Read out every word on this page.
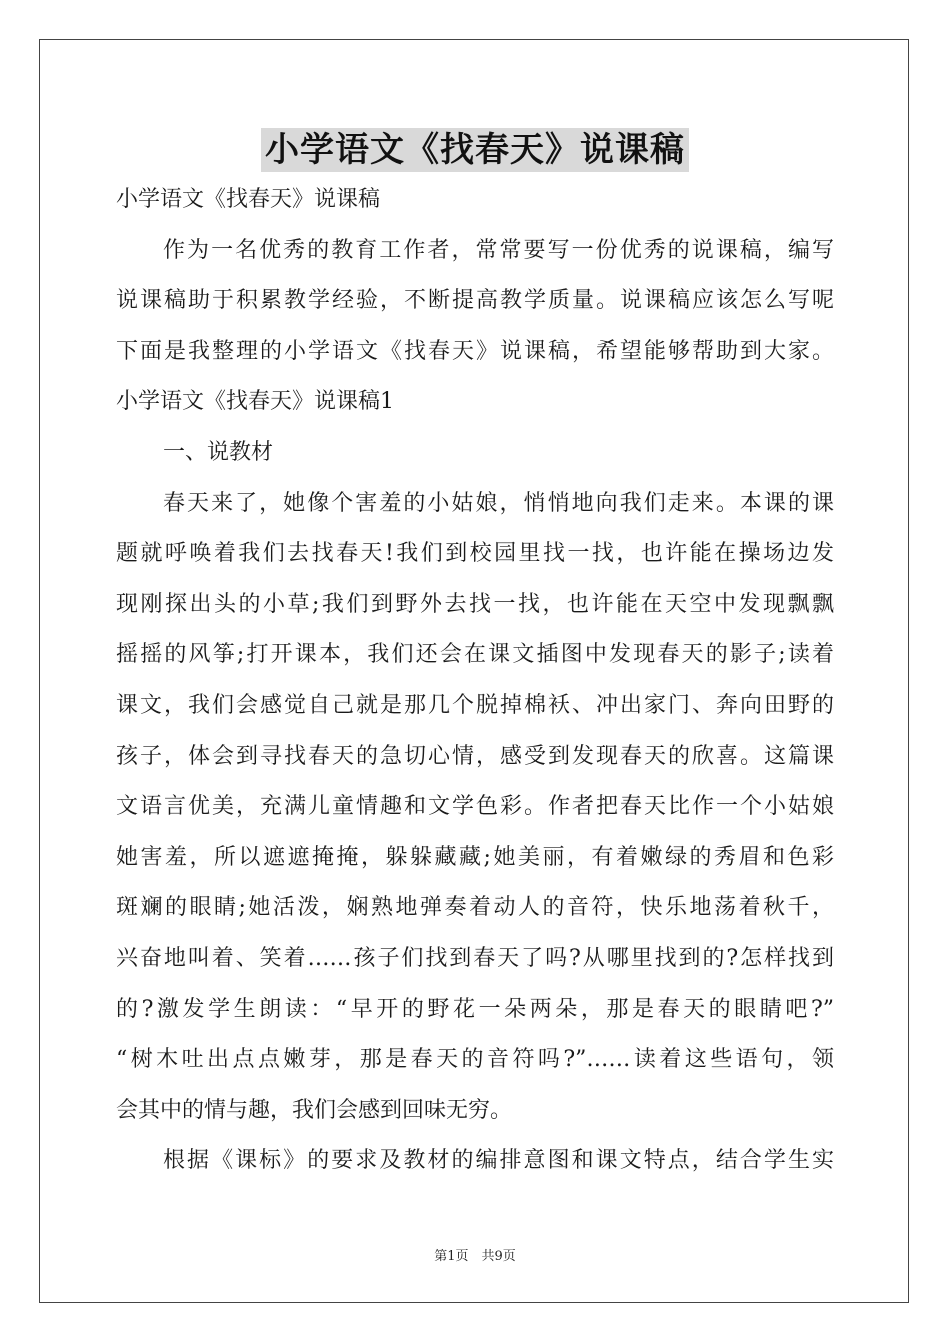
小学语文《找春天》说课稿
小学语文《找春天》说课稿
作为一名优秀的教育工作者，常常要写一份优秀的说课稿，编写
说课稿助于积累教学经验，不断提高教学质量。说课稿应该怎么写呢
下面是我整理的小学语文《找春天》说课稿，希望能够帮助到大家。
小学语文《找春天》说课稿1
一、说教材
春天来了，她像个害羞的小姑娘，悄悄地向我们走来。本课的课
题就呼唤着我们去找春天!我们到校园里找一找，也许能在操场边发
现刚探出头的小草;我们到野外去找一找，也许能在天空中发现飘飘
摇摇的风筝;打开课本，我们还会在课文插图中发现春天的影子;读着
课文，我们会感觉自己就是那几个脱掉棉袄、冲出家门、奔向田野的
孩子，体会到寻找春天的急切心情，感受到发现春天的欣喜。这篇课
文语言优美，充满儿童情趣和文学色彩。作者把春天比作一个小姑娘
她害羞，所以遮遮掩掩，躲躲藏藏;她美丽，有着嫩绿的秀眉和色彩
斑斓的眼睛;她活泼，娴熟地弹奏着动人的音符，快乐地荡着秋千，
兴奋地叫着、笑着……孩子们找到春天了吗?从哪里找到的?怎样找到
的?激发学生朗读：“早开的野花一朵两朵，那是春天的眼睛吧?”
“树木吐出点点嫩芽，那是春天的音符吗?”……读着这些语句，领
会其中的情与趣，我们会感到回味无穷。
根据《课标》的要求及教材的编排意图和课文特点，结合学生实
第1页　共9页
